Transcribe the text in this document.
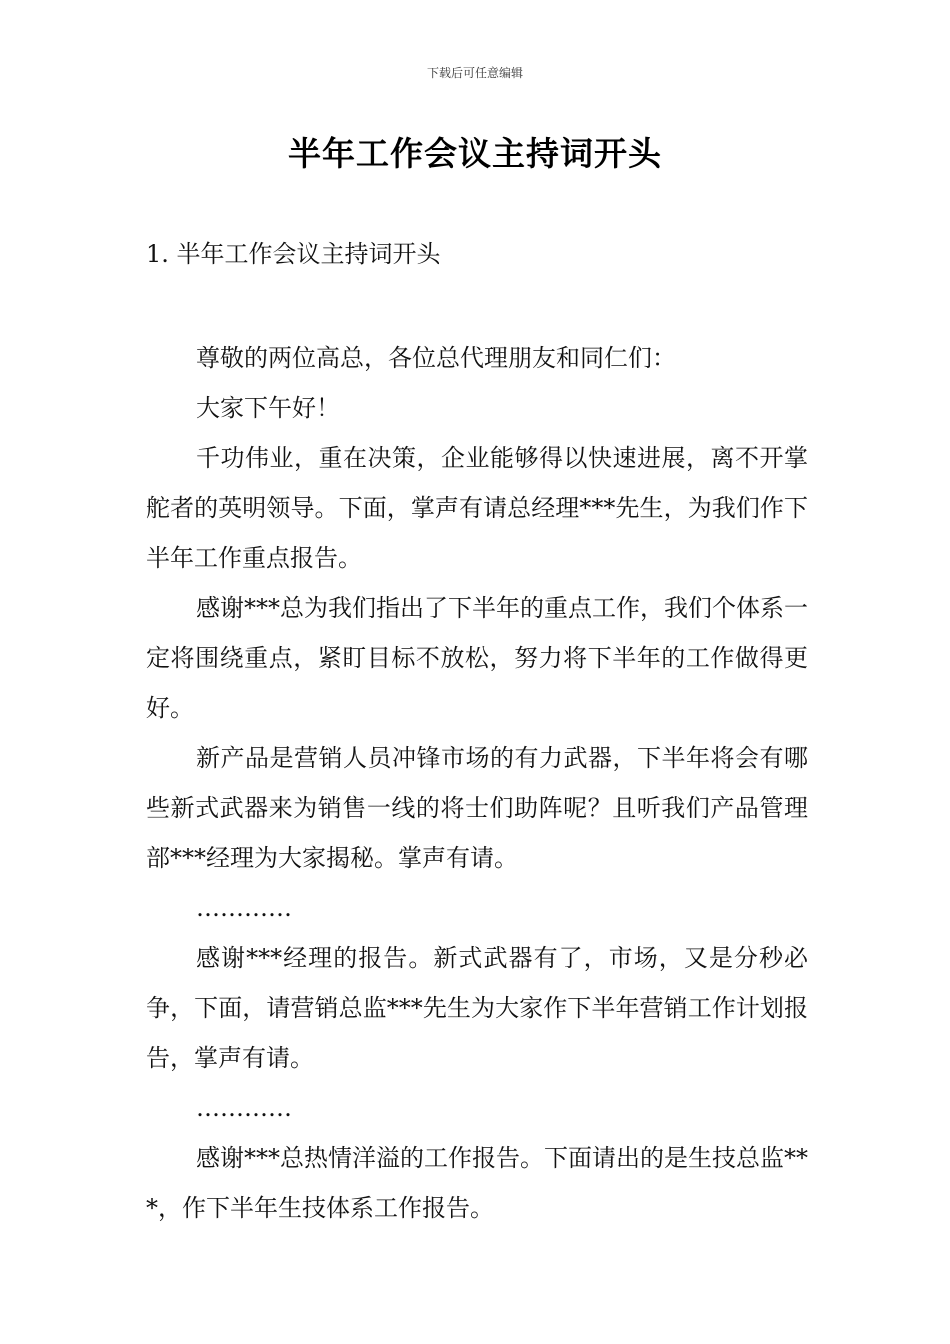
下载后可任意编辑
半年工作会议主持词开头
1. 半年工作会议主持词开头

尊敬的两位高总，各位总代理朋友和同仁们：

大家下午好！

千功伟业，重在决策，企业能够得以快速进展，离不开掌舵者的英明领导。下面，掌声有请总经理***先生，为我们作下半年工作重点报告。

感谢***总为我们指出了下半年的重点工作，我们个体系一定将围绕重点，紧盯目标不放松，努力将下半年的工作做得更好。

新产品是营销人员冲锋市场的有力武器，下半年将会有哪些新式武器来为销售一线的将士们助阵呢？且听我们产品管理部***经理为大家揭秘。掌声有请。

…………

感谢***经理的报告。新式武器有了，市场，又是分秒必争，下面，请营销总监***先生为大家作下半年营销工作计划报告，掌声有请。

…………

感谢***总热情洋溢的工作报告。下面请出的是生技总监***，作下半年生技体系工作报告。
